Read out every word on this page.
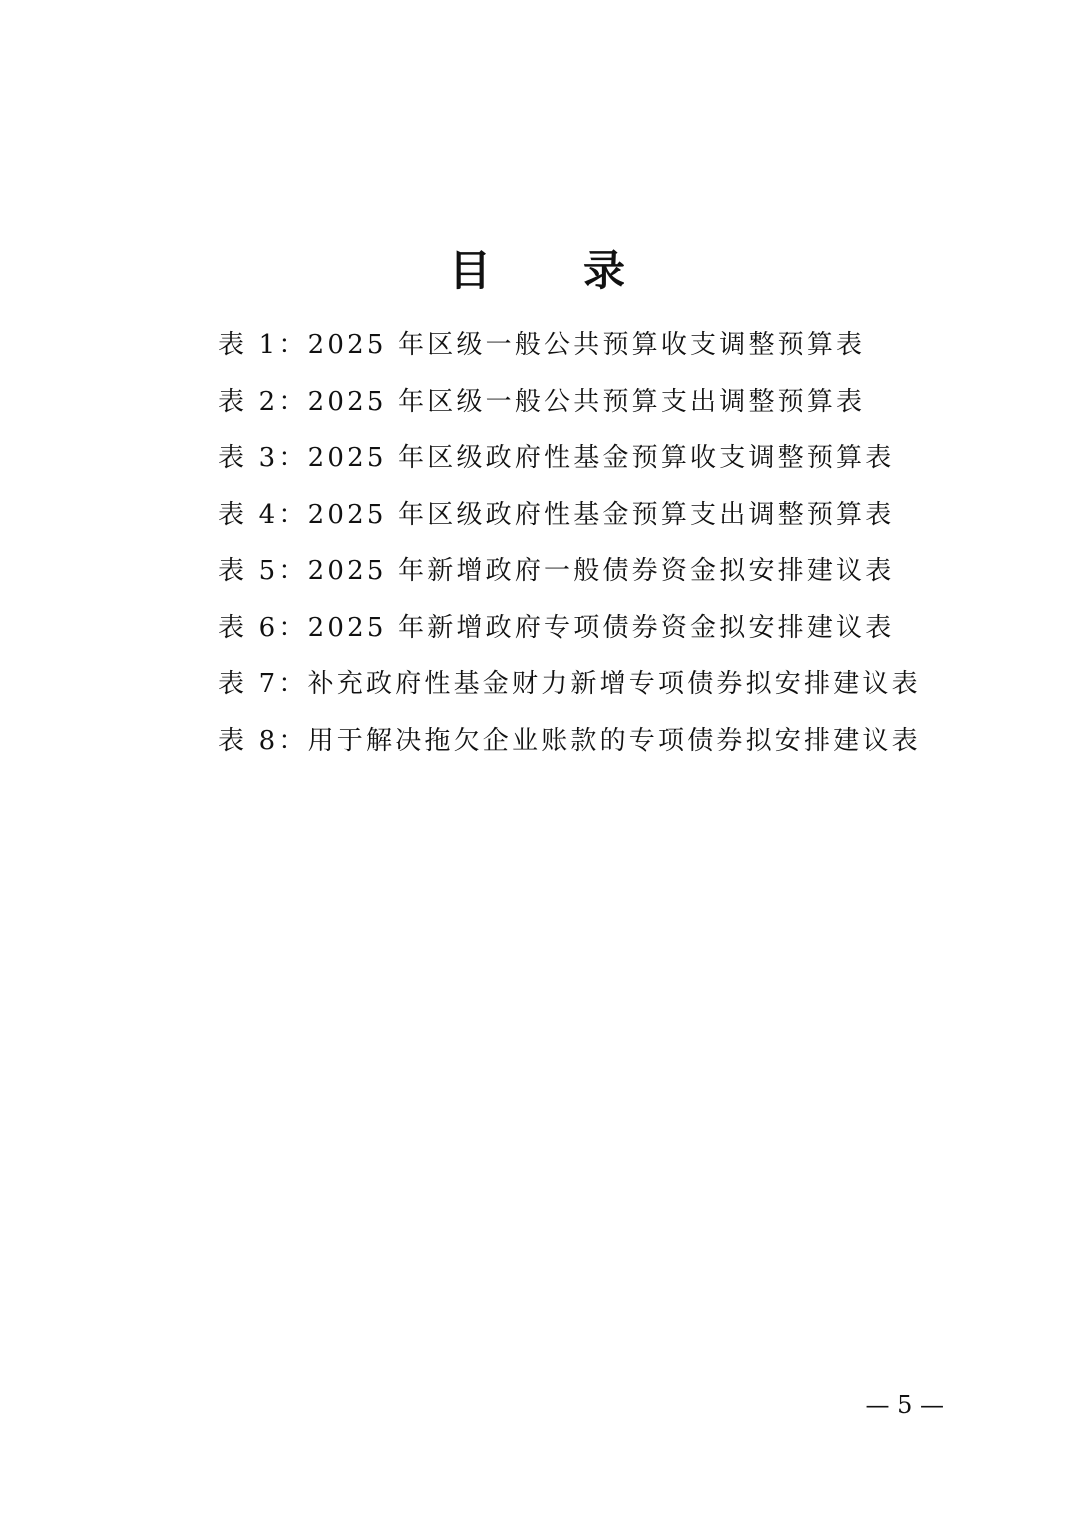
目 录
表 1：2025 年区级一般公共预算收支调整预算表
表 2：2025 年区级一般公共预算支出调整预算表
表 3：2025 年区级政府性基金预算收支调整预算表
表 4：2025 年区级政府性基金预算支出调整预算表
表 5：2025 年新增政府一般债券资金拟安排建议表
表 6：2025 年新增政府专项债券资金拟安排建议表
表 7：补充政府性基金财力新增专项债券拟安排建议表
表 8：用于解决拖欠企业账款的专项债券拟安排建议表
— 5 —
